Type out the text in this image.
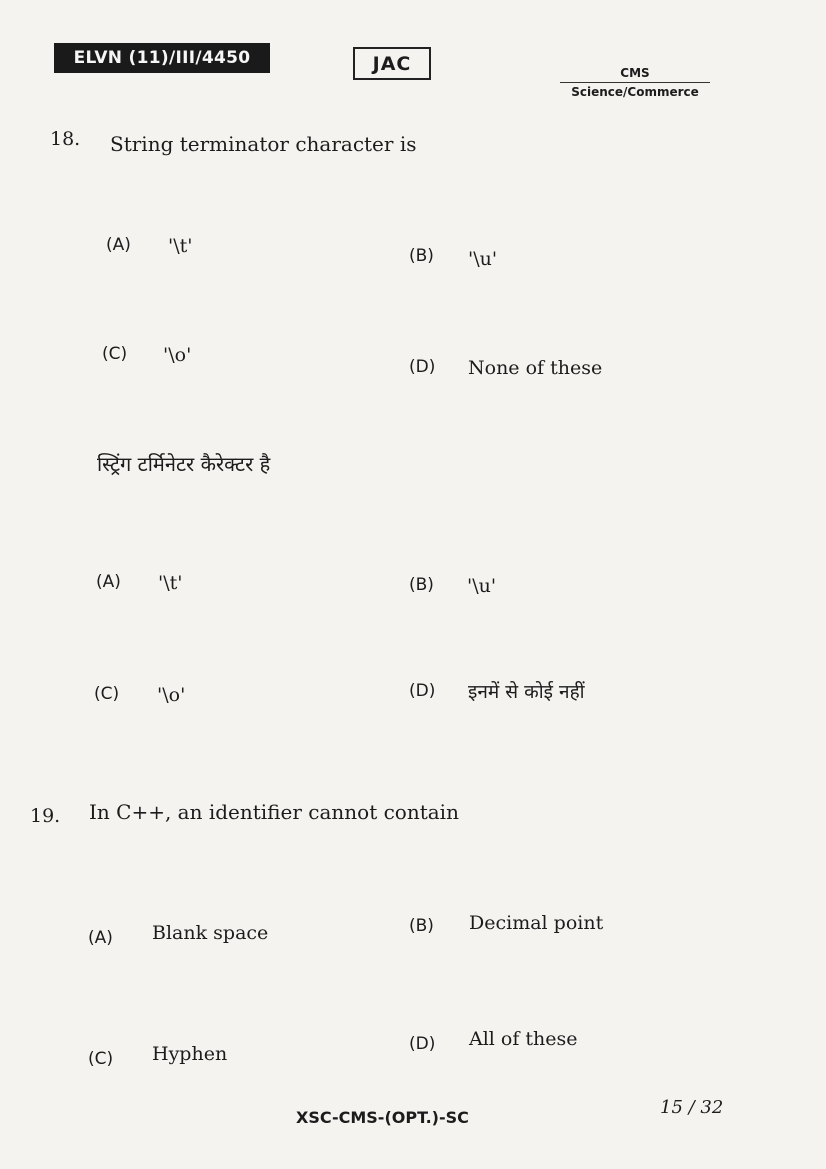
ELVN (11)/III/4450	JAC	CMS
Science/Commerce
18. String terminator character is
(A) '\t'	(B) '\u'
(C) '\o'
(D) None of these
स्ट्रिंग टर्मिनेटर कैरेक्टर है
(A) '\t'	(B) '\u'
(C) '\o'	(D) इनमें से कोई नहीं
19. In C++, an identifier cannot contain
(A) Blank space	(B) Decimal point
(C) Hyphen	(D) All of these
XSC-CMS-(OPT.)-SC	15 / 32
